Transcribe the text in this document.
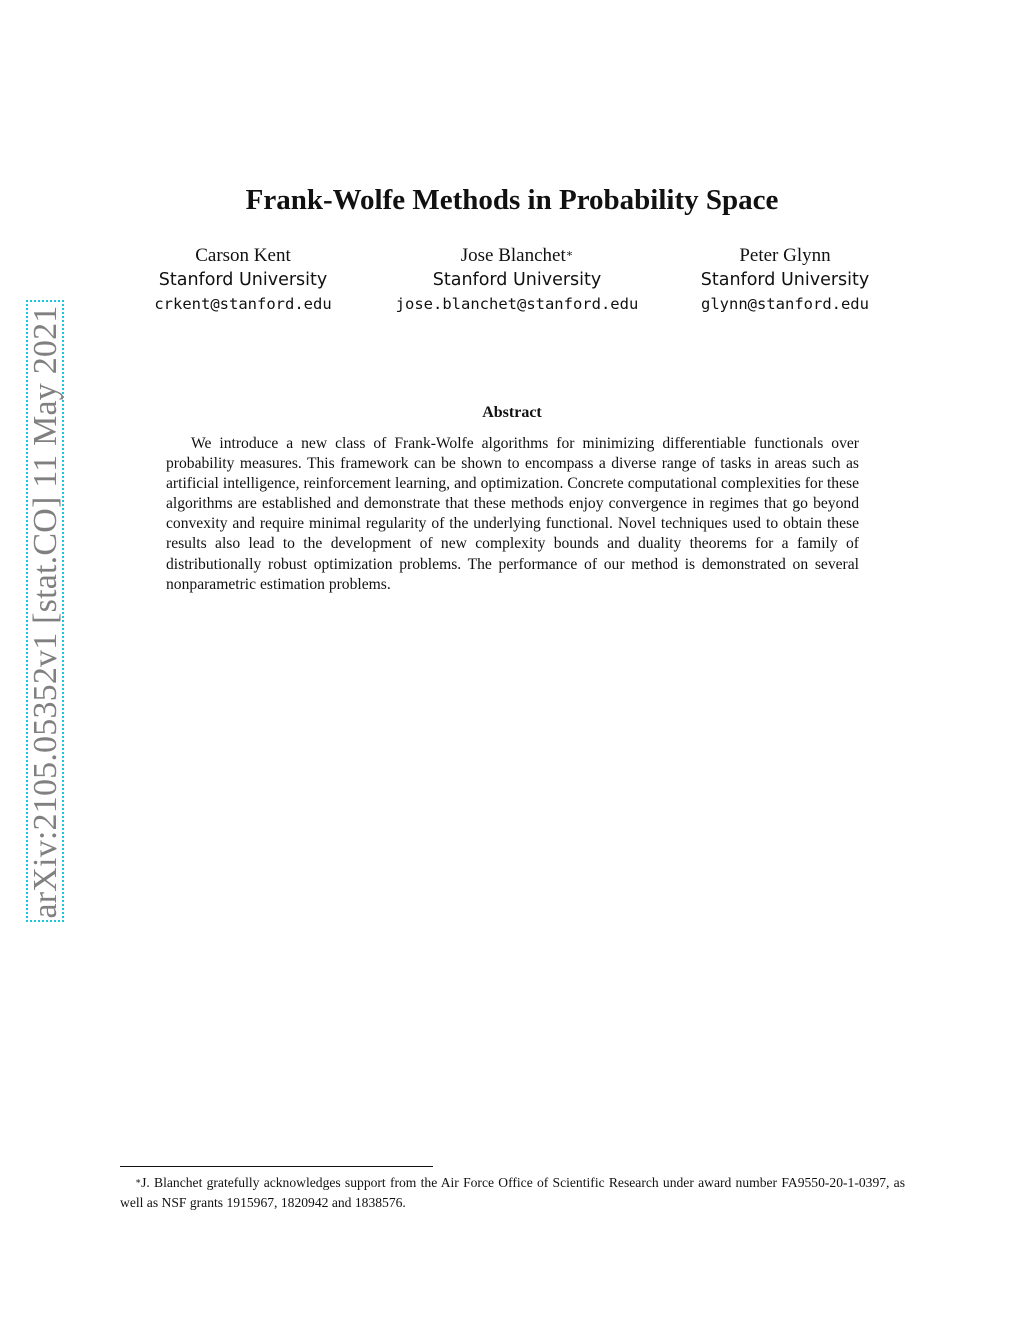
arXiv:2105.05352v1 [stat.CO] 11 May 2021
Frank-Wolfe Methods in Probability Space
Carson Kent
Stanford University
crkent@stanford.edu
Jose Blanchet∗
Stanford University
jose.blanchet@stanford.edu
Peter Glynn
Stanford University
glynn@stanford.edu
Abstract

We introduce a new class of Frank-Wolfe algorithms for minimizing differentiable functionals over probability measures. This framework can be shown to encompass a diverse range of tasks in areas such as artificial intelligence, reinforcement learning, and optimization. Concrete computational complexities for these algorithms are established and demonstrate that these methods enjoy convergence in regimes that go beyond convexity and require minimal regularity of the underlying functional. Novel techniques used to obtain these results also lead to the development of new complexity bounds and duality theorems for a family of distributionally robust optimization problems. The performance of our method is demonstrated on several nonparametric estimation problems.

∗J. Blanchet gratefully acknowledges support from the Air Force Office of Scientific Research under award number FA9550-20-1-0397, as well as NSF grants 1915967, 1820942 and 1838576.
